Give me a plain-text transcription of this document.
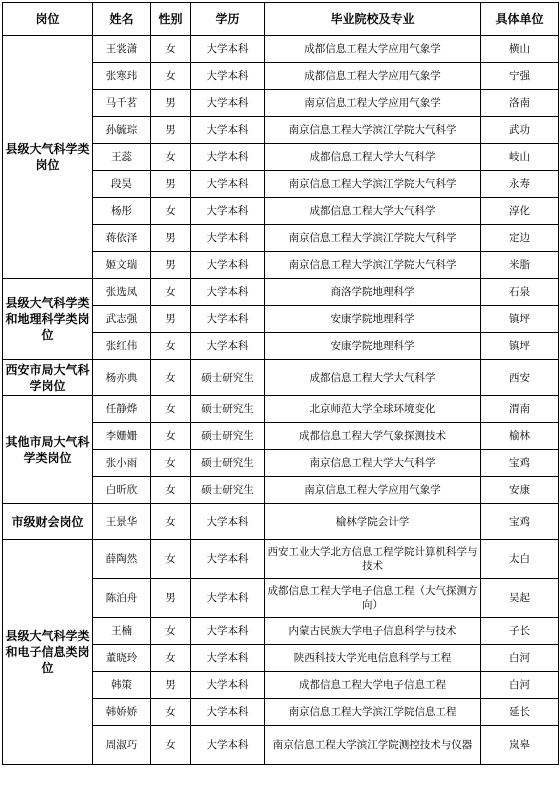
岗位	姓名	性别	学历	毕业院校及专业	具体单位
县级大气科学类岗位	王裳潇	女	大学本科	成都信息工程大学应用气象学	横山
	张寒玮	女	大学本科	成都信息工程大学应用气象学	宁强
	马千茗	男	大学本科	南京信息工程大学应用气象学	洛南
	孙毓琮	男	大学本科	南京信息工程大学滨江学院大气科学	武功
	王蕊	女	大学本科	成都信息工程大学大气科学	岐山
	段昊	男	大学本科	南京信息工程大学滨江学院大气科学	永寿
	杨彤	女	大学本科	成都信息工程大学大气科学	淳化
	蒋依泽	男	大学本科	南京信息工程大学滨江学院大气科学	定边
	姬文瑞	男	大学本科	南京信息工程大学滨江学院大气科学	米脂
县级大气科学类和地理科学类岗位	张选凤	女	大学本科	商洛学院地理科学	石泉
	武志强	男	大学本科	安康学院地理科学	镇坪
	张红伟	女	大学本科	安康学院地理科学	镇坪
西安市局大气科学岗位	杨亦典	女	硕士研究生	成都信息工程大学大气科学	西安
其他市局大气科学类岗位	任静烨	女	硕士研究生	北京师范大学全球环境变化	渭南
	李姗姗	女	硕士研究生	成都信息工程大学气象探测技术	榆林
	张小雨	女	硕士研究生	南京信息工程大学大气科学	宝鸡
	白昕欣	女	硕士研究生	南京信息工程大学应用气象学	安康
市级财会岗位	王景华	女	大学本科	榆林学院会计学	宝鸡
县级大气科学类和电子信息类岗位	薛陶然	女	大学本科	西安工业大学北方信息工程学院计算机科学与技术	太白
	陈泊舟	男	大学本科	成都信息工程大学电子信息工程（大气探测方向）	吴起
	王楠	女	大学本科	内蒙古民族大学电子信息科学与技术	子长
	董晓玲	女	大学本科	陕西科技大学光电信息科学与工程	白河
	韩策	男	大学本科	成都信息工程大学电子信息工程	白河
	韩娇娇	女	大学本科	南京信息工程大学滨江学院信息工程	延长
	周淑巧	女	大学本科	南京信息工程大学滨江学院测控技术与仪器	岚皋
